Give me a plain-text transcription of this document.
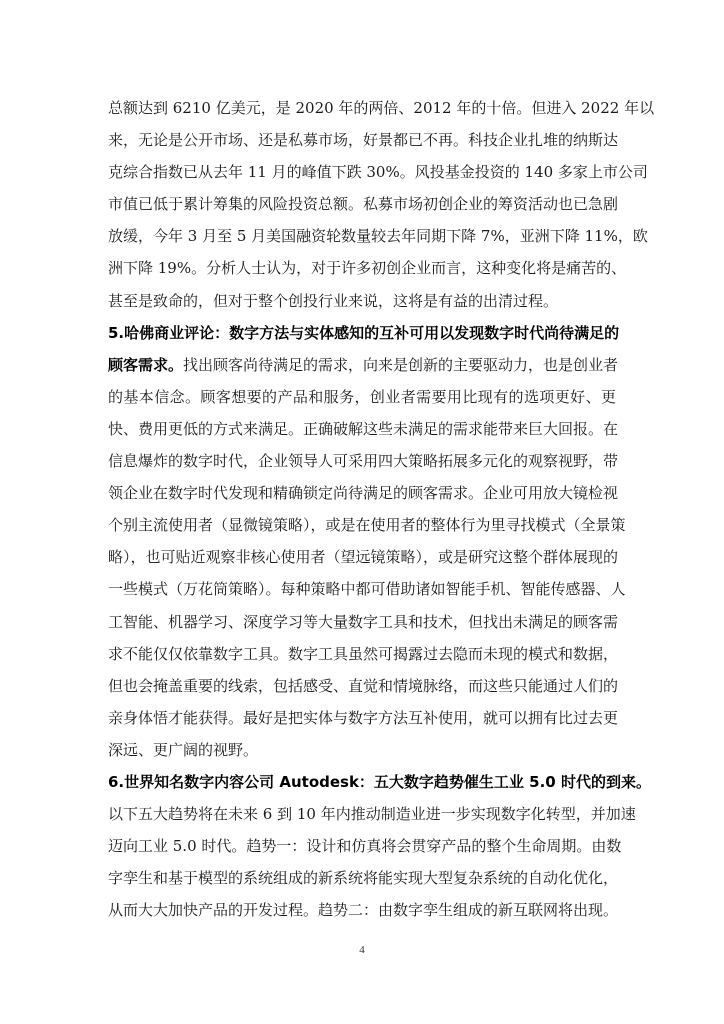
总额达到 6210 亿美元，是 2020 年的两倍、2012 年的十倍。但进入 2022 年以
来，无论是公开市场、还是私募市场，好景都已不再。科技企业扎堆的纳斯达
克综合指数已从去年 11 月的峰值下跌 30%。风投基金投资的 140 多家上市公司
市值已低于累计筹集的风险投资总额。私募市场初创企业的筹资活动也已急剧
放缓，今年 3 月至 5 月美国融资轮数量较去年同期下降 7%，亚洲下降 11%，欧
洲下降 19%。分析人士认为，对于许多初创企业而言，这种变化将是痛苦的、
甚至是致命的，但对于整个创投行业来说，这将是有益的出清过程。
5.哈佛商业评论：数字方法与实体感知的互补可用以发现数字时代尚待满足的
顾客需求。找出顾客尚待满足的需求，向来是创新的主要驱动力，也是创业者
的基本信念。顾客想要的产品和服务，创业者需要用比现有的选项更好、更
快、费用更低的方式来满足。正确破解这些未满足的需求能带来巨大回报。在
信息爆炸的数字时代，企业领导人可采用四大策略拓展多元化的观察视野，带
领企业在数字时代发现和精确锁定尚待满足的顾客需求。企业可用放大镜检视
个别主流使用者（显微镜策略），或是在使用者的整体行为里寻找模式（全景策
略），也可贴近观察非核心使用者（望远镜策略），或是研究这整个群体展现的
一些模式（万花筒策略）。每种策略中都可借助诸如智能手机、智能传感器、人
工智能、机器学习、深度学习等大量数字工具和技术，但找出未满足的顾客需
求不能仅仅依靠数字工具。数字工具虽然可揭露过去隐而未现的模式和数据，
但也会掩盖重要的线索，包括感受、直觉和情境脉络，而这些只能通过人们的
亲身体悟才能获得。最好是把实体与数字方法互补使用，就可以拥有比过去更
深远、更广阔的视野。
6.世界知名数字内容公司 Autodesk：五大数字趋势催生工业 5.0 时代的到来。
以下五大趋势将在未来 6 到 10 年内推动制造业进一步实现数字化转型，并加速
迈向工业 5.0 时代。趋势一：设计和仿真将会贯穿产品的整个生命周期。由数
字孪生和基于模型的系统组成的新系统将能实现大型复杂系统的自动化优化，
从而大大加快产品的开发过程。趋势二：由数字孪生组成的新互联网将出现。
4
